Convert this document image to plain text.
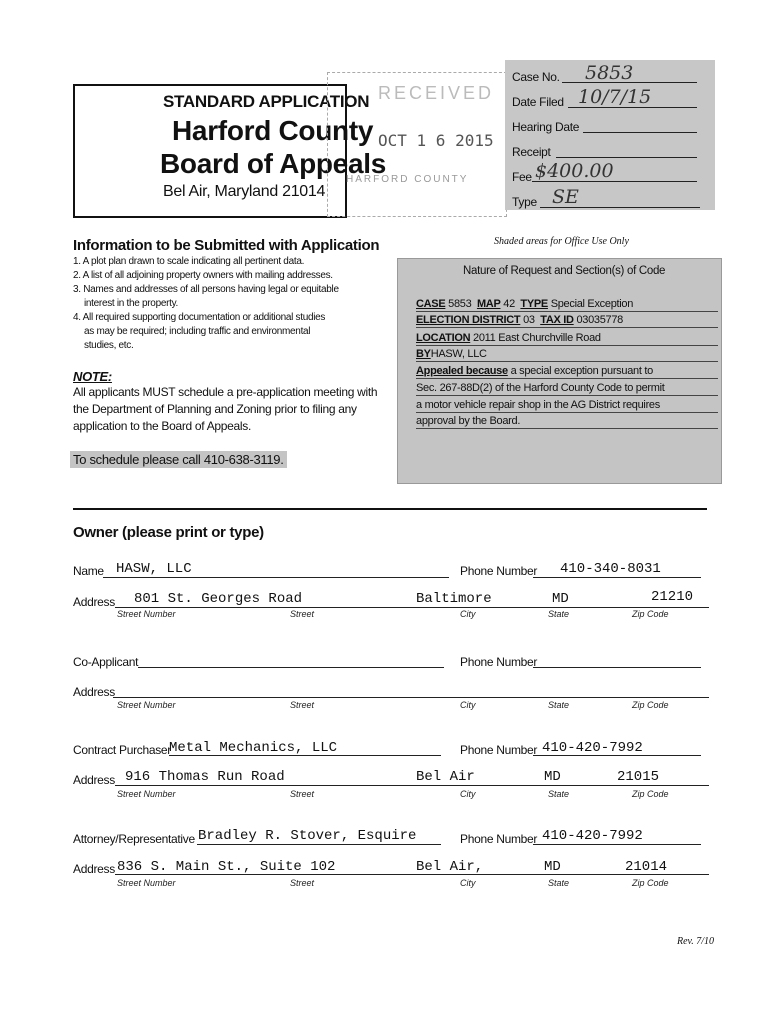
STANDARD APPLICATION
Harford County
Board of Appeals
Bel Air, Maryland 21014
RECEIVED
OCT 1 6 2015
HARFORD COUNTY
Case No. 5853
Date Filed 10/7/15
Hearing Date
Receipt
Fee $400.00
Type SE
Shaded areas for Office Use Only
Information to be Submitted with Application
1. A plot plan drawn to scale indicating all pertinent data.
2. A list of all adjoining property owners with mailing addresses.
3. Names and addresses of all persons having legal or equitable
interest in the property.
4. All required supporting documentation or additional studies
as may be required; including traffic and environmental
studies, etc.
NOTE:
All applicants MUST schedule a pre-application meeting with
the Department of Planning and Zoning prior to filing any
application to the Board of Appeals.
To schedule please call 410-638-3119.
Nature of Request and Section(s) of Code
CASE 5853 MAP 42 TYPE Special Exception
ELECTION DISTRICT 03 TAX ID 03035778
LOCATION 2011 East Churchville Road
BYHASW, LLC
Appealed because a special exception pursuant to
Sec. 267-88D(2) of the Harford County Code to permit
a motor vehicle repair shop in the AG District requires
approval by the Board.
Owner (please print or type)
Name HASW, LLC	Phone Number 410-340-8031
Address 801 St. Georges Road	Baltimore	MD	21210
Street Number	Street	City	State	Zip Code
Co-Applicant	Phone Number
Address
Street Number	Street	City	State	Zip Code
Contract Purchaser
Metal Mechanics, LLC	Phone Number 410-420-7992
Address 916 Thomas Run Road	Bel Air	MD	21015
Street Number	Street	City	State	Zip Code
Attorney/Representative Bradley R. Stover, Esquire	Phone Number 410-420-7992
Address 836 S. Main St., Suite 102	Bel Air,	MD	21014
Street Number	Street	City	State	Zip Code
Rev. 7/10
